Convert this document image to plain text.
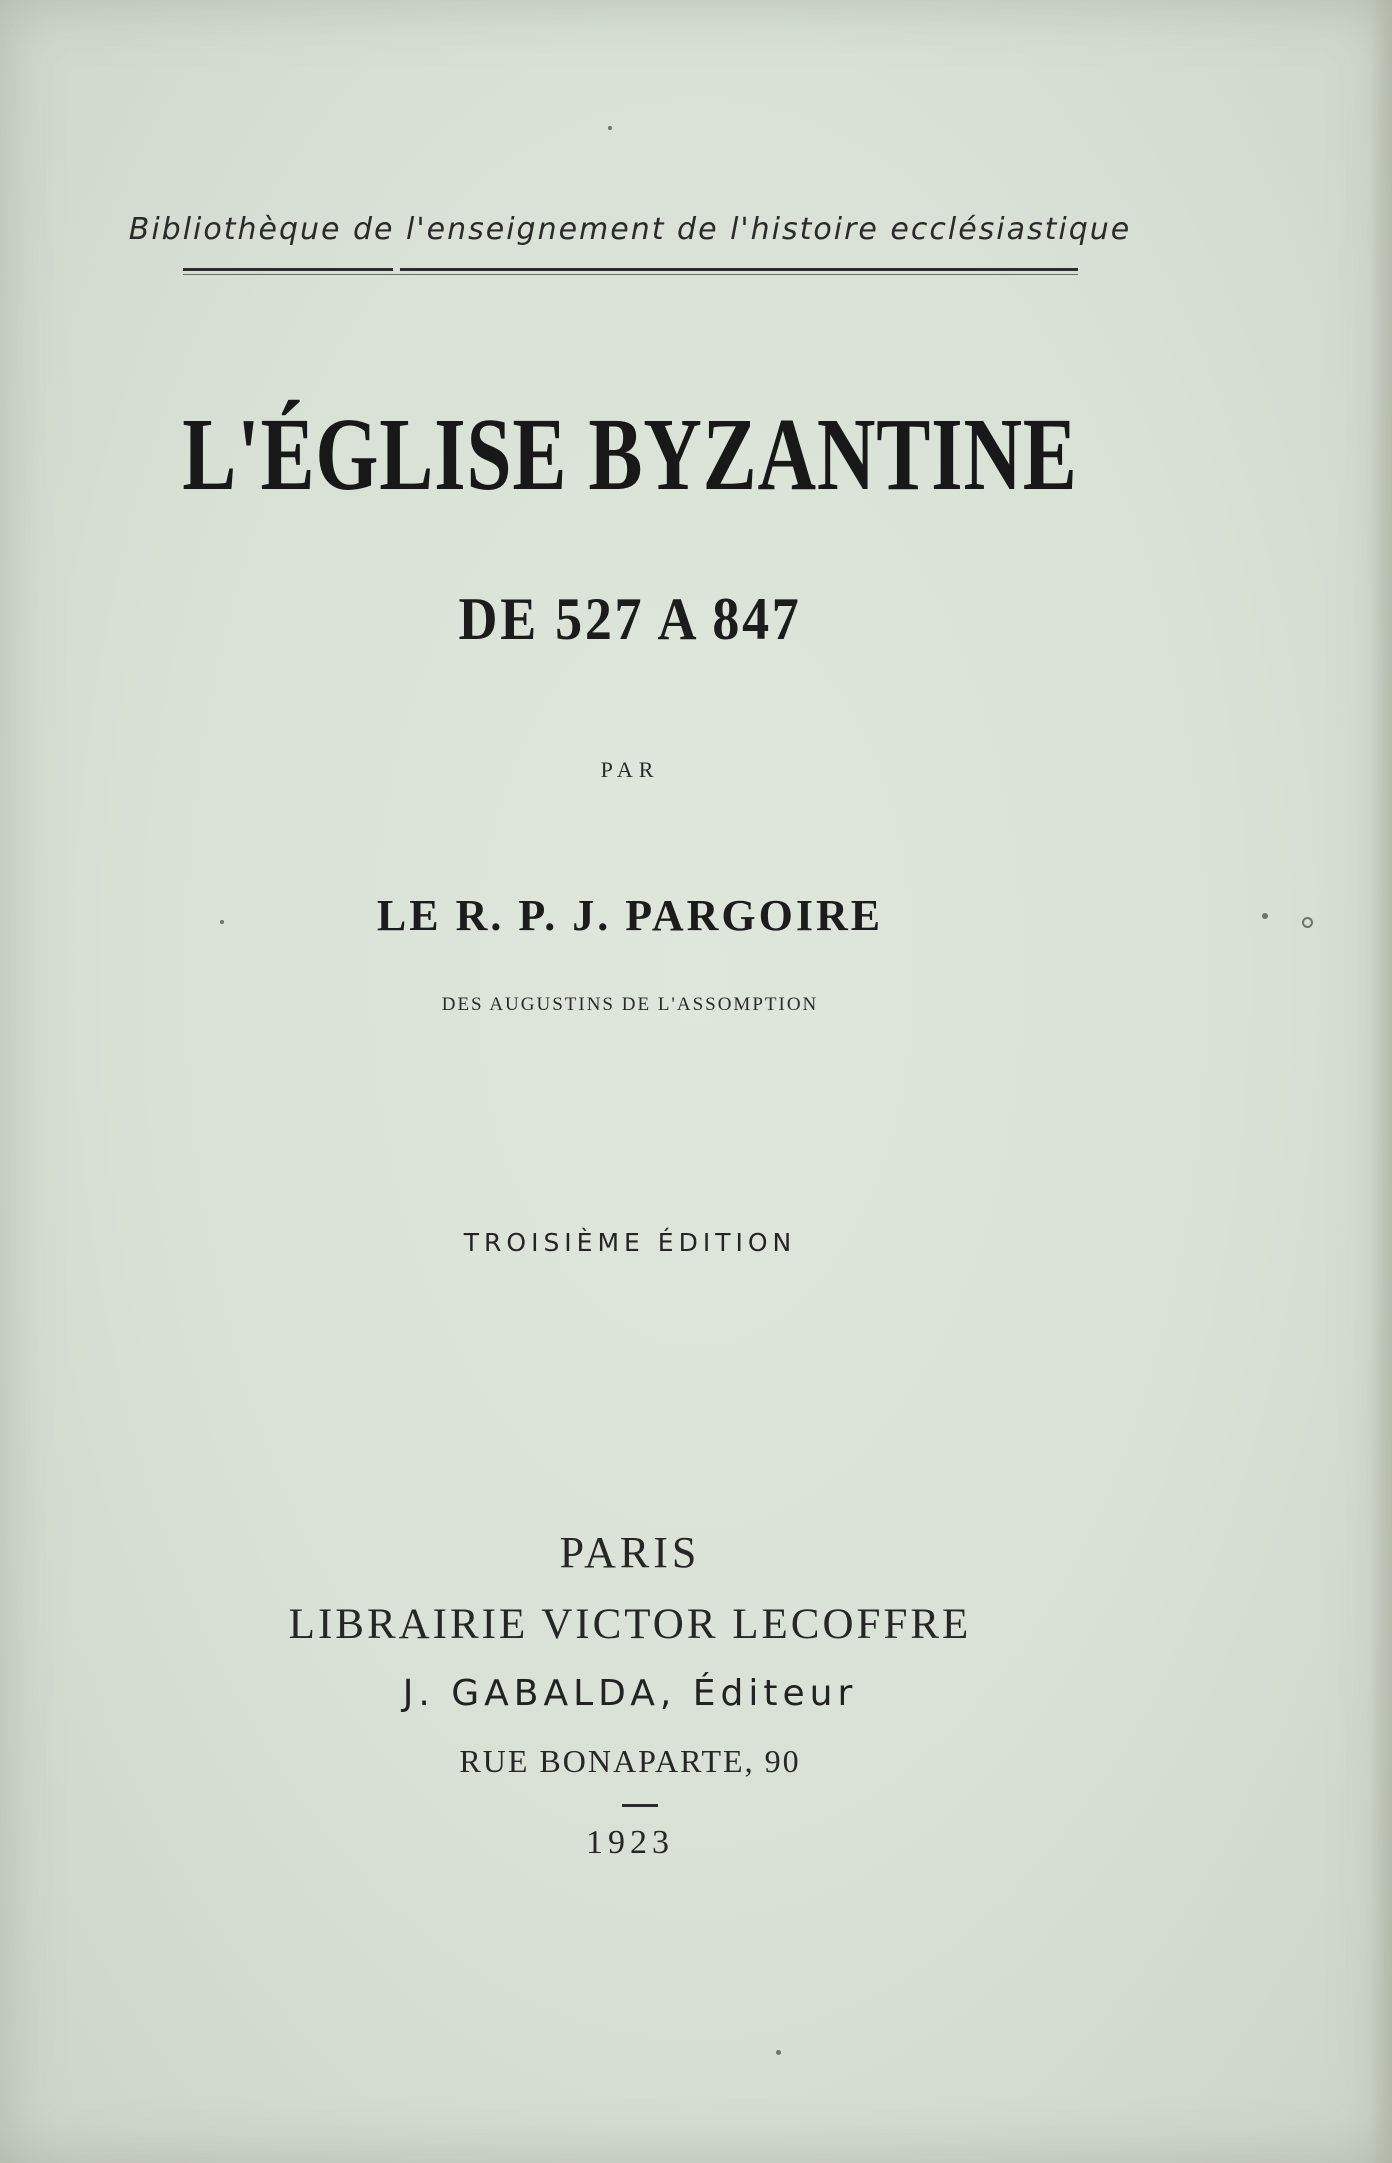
Bibliothèque de l'enseignement de l'histoire ecclésiastique
L'ÉGLISE BYZANTINE
DE 527 A 847
PAR
LE R. P. J. PARGOIRE
DES AUGUSTINS DE L'ASSOMPTION
TROISIÈME ÉDITION
PARIS
LIBRAIRIE VICTOR LECOFFRE
J. GABALDA, Éditeur
RUE BONAPARTE, 90
1923
